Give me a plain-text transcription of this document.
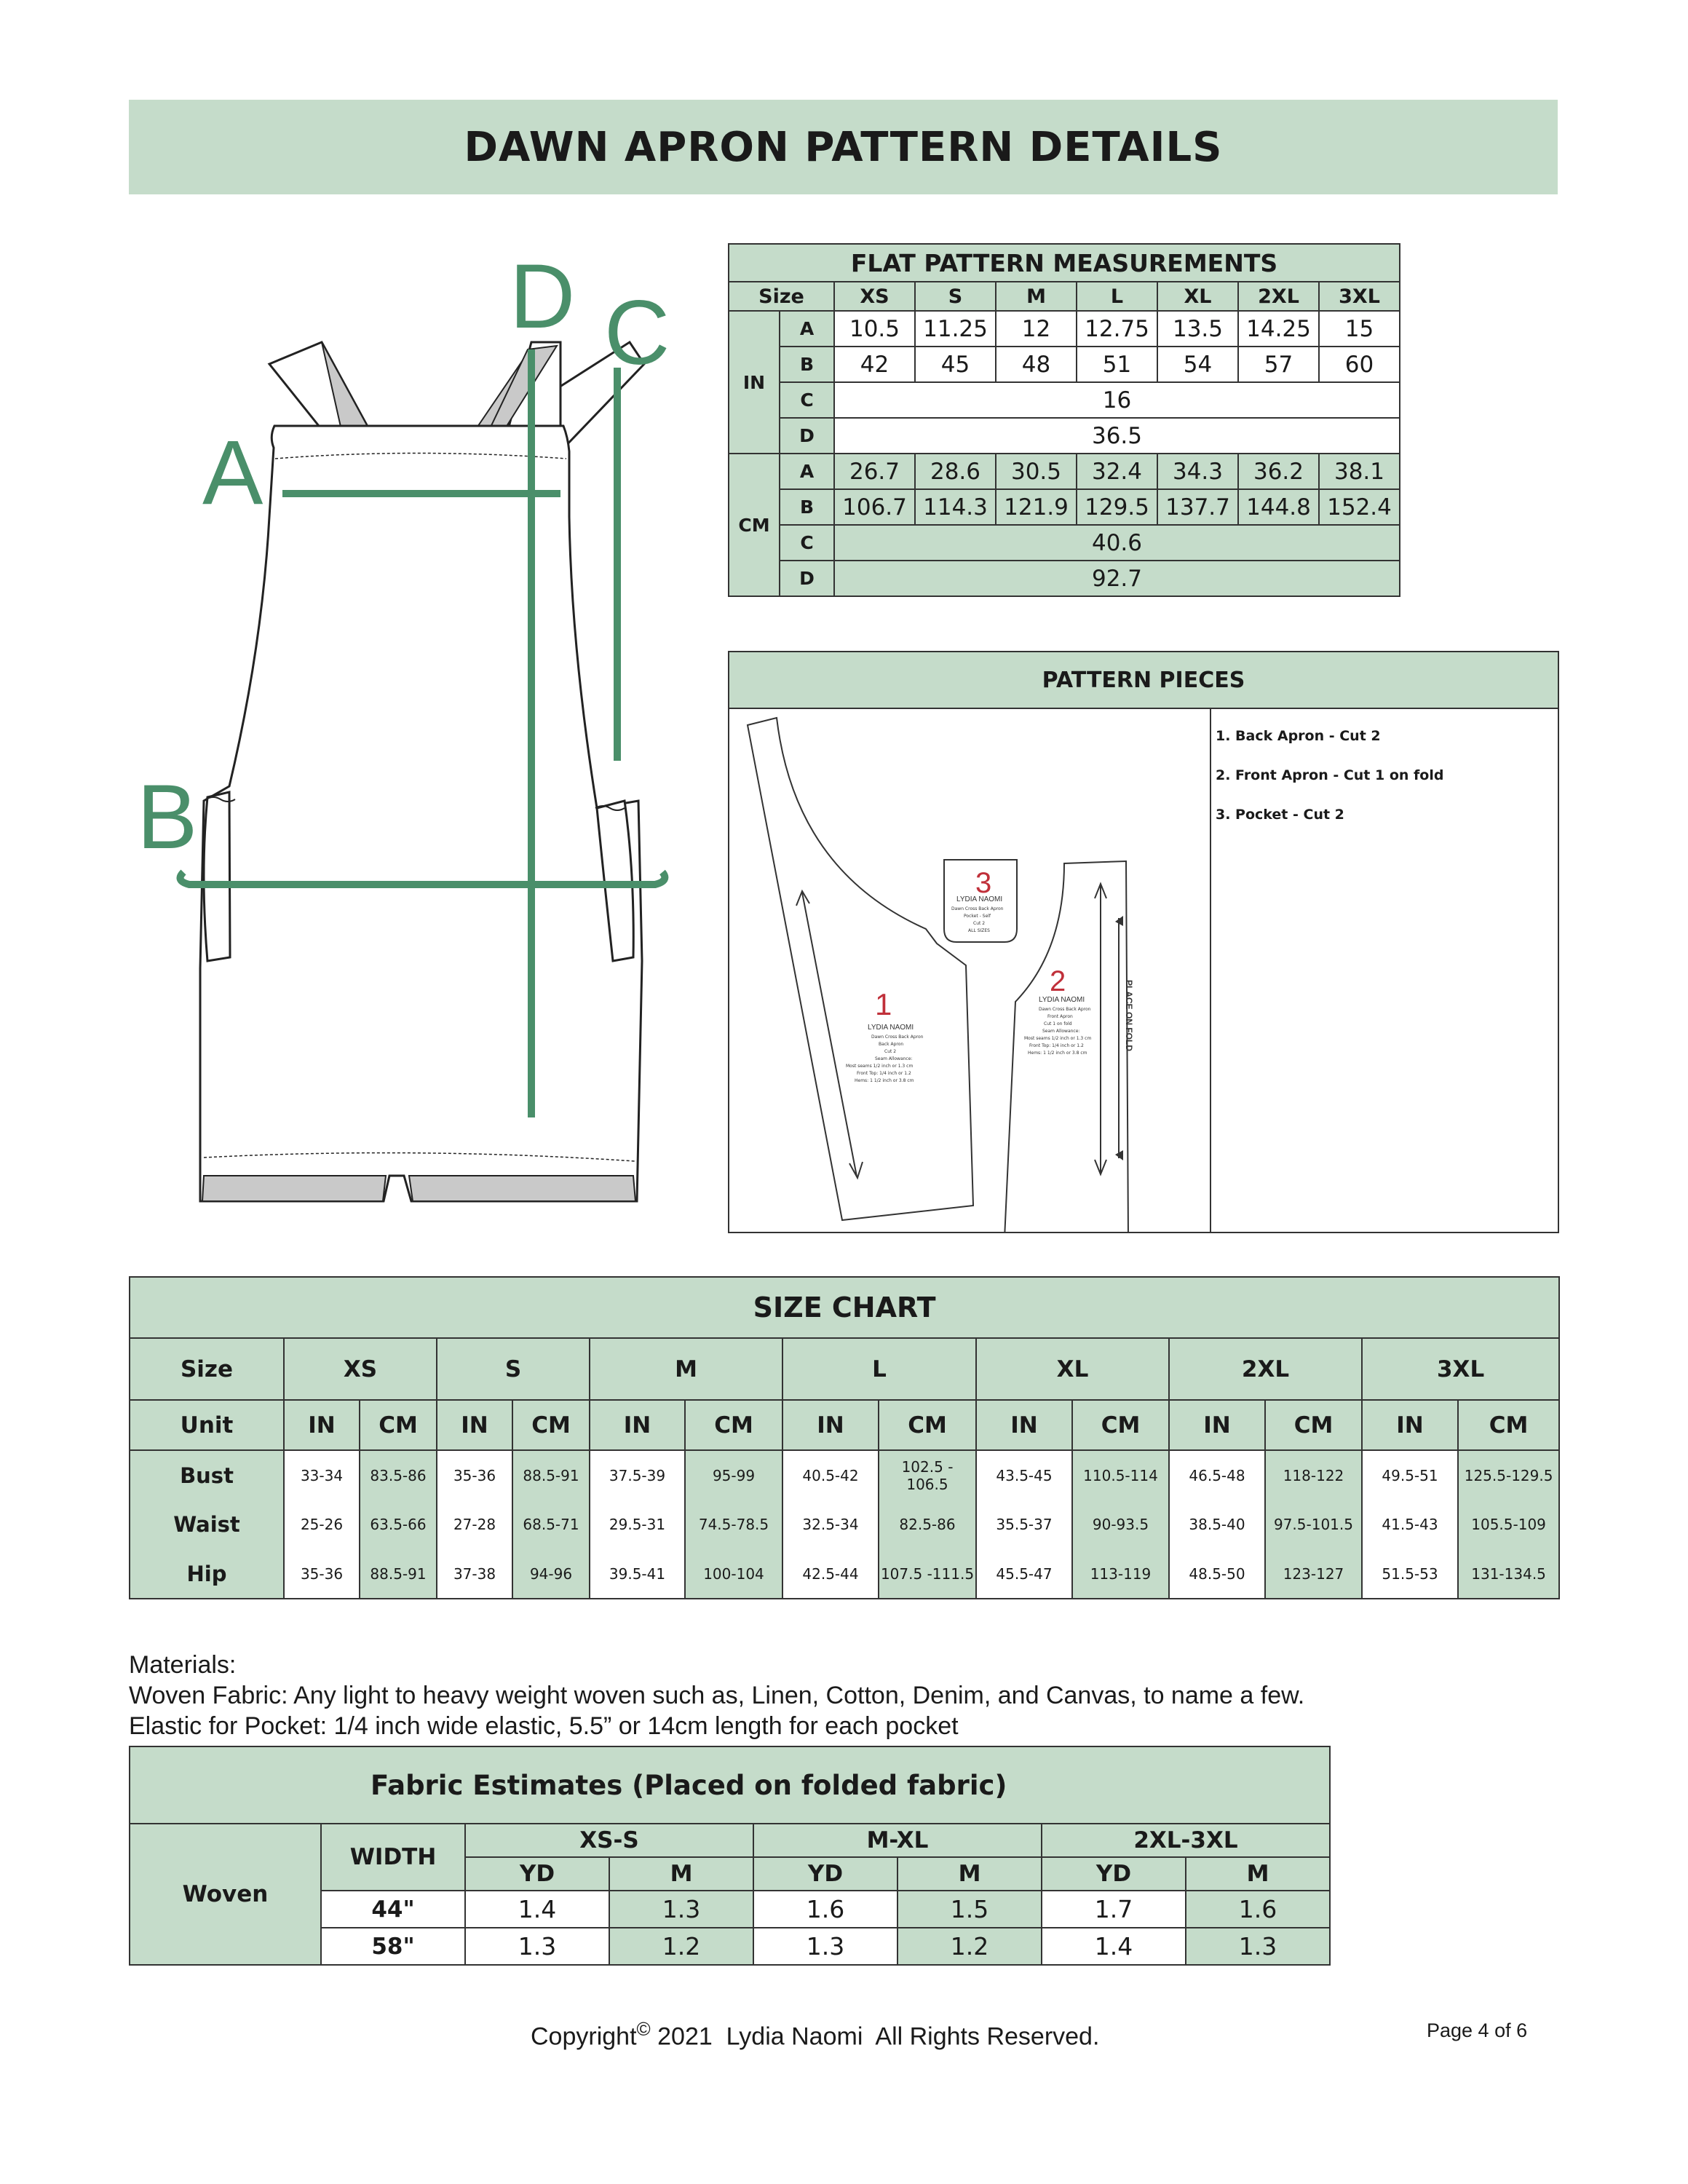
DAWN APRON PATTERN DETAILS
A
B
C
D	FLAT PATTERN MEASUREMENTS								
Size		XS	S	M	L	XL	2XL	3XL
IN	A	10.5	11.25	12	12.75	13.5	14.25	15
	B	42	45	48	51	54	57	60
	C	16						
	D	36.5						
CM	A	26.7	28.6	30.5	32.4	34.3	36.2	38.1
	B	106.7	114.3	121.9	129.5	137.7	144.8	152.4
	C	40.6						
	D	92.7						
PATTERN PIECES
1
LYDIA NAOMI
Dawn Cross Back Apron
Back Apron
Cut 2
Seam Allowance:
Most seams 1/2 inch or 1.3 cm
Front Top: 1/4 inch or 1.2
Hems: 1 1/2 inch or 3.8 cm
3
LYDIA NAOMI
Dawn Cross Back Apron
Pocket - Self
Cut 2
ALL SIZES
PLACE ON FOLD
2
LYDIA NAOMI
Dawn Cross Back Apron
Front Apron
Cut 1 on fold
Seam Allowance:
Most seams 1/2 inch or 1.3 cm
Front Top: 1/4 inch or 1.2
Hems: 1 1/2 inch or 3.8 cm
1. Back Apron - Cut 2
2. Front Apron - Cut 1 on fold
3. Pocket - Cut 2
SIZE CHART														
Size	XS		S		M		L		XL		2XL		3XL	
Unit	IN	CM	IN	CM	IN	CM	IN	CM	IN	CM	IN	CM	IN	CM
Bust	33-34	83.5-86	35-36	88.5-91	37.5-39	95-99	40.5-42	102.5 - 106.5	43.5-45	110.5-114	46.5-48	118-122	49.5-51	125.5-129.5
Waist	25-26	63.5-66	27-28	68.5-71	29.5-31	74.5-78.5	32.5-34	82.5-86	35.5-37	90-93.5	38.5-40	97.5-101.5	41.5-43	105.5-109
Hip	35-36	88.5-91	37-38	94-96	39.5-41	100-104	42.5-44	107.5 -111.5	45.5-47	113-119	48.5-50	123-127	51.5-53	131-134.5
Materials:
Woven Fabric: Any light to heavy weight woven such as, Linen, Cotton, Denim, and Canvas, to name a few.
Elastic for Pocket: 1/4 inch wide elastic, 5.5” or 14cm length for each pocket
Fabric Estimates (Placed on folded fabric)							
Woven	WIDTH	XS-S		M-XL		2XL-3XL	
		YD	M	YD	M	YD	M
	44"	1.4	1.3	1.6	1.5	1.7	1.6
	58"	1.3	1.2	1.3	1.2	1.4	1.3
Copyright© 2021  Lydia Naomi  All Rights Reserved.	Page 4 of 6
